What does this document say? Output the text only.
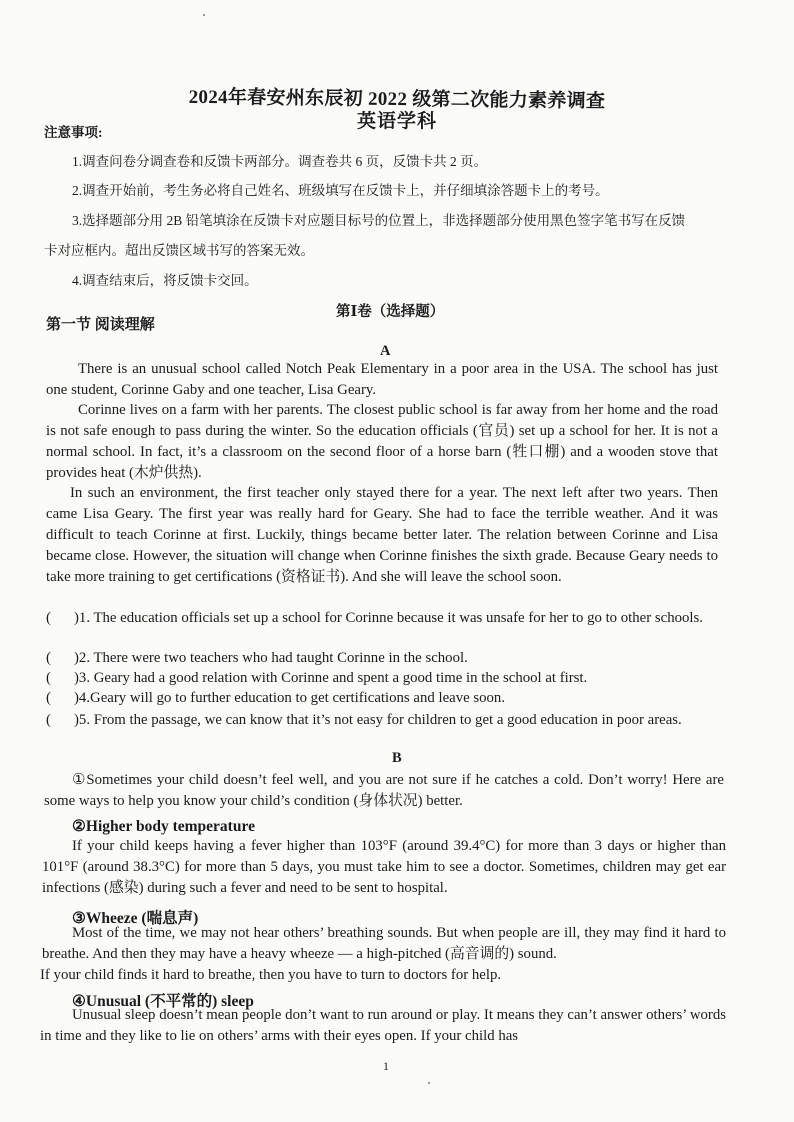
2024年春安州东辰初 2022 级第二次能力素养调查
英语学科
注意事项:
1.调查问卷分调查卷和反馈卡两部分。调查卷共 6 页，反馈卡共 2 页。
2.调查开始前，考生务必将自己姓名、班级填写在反馈卡上，并仔细填涂答题卡上的考号。
3.选择题部分用 2B 铅笔填涂在反馈卡对应题目标号的位置上，非选择题部分使用黑色签字笔书写在反馈
卡对应框内。超出反馈区域书写的答案无效。
4.调查结束后，将反馈卡交回。
第Ⅰ卷（选择题）
第一节 阅读理解
A
There is an unusual school called Notch Peak Elementary in a poor area in the USA. The school has just one student, Corinne Gaby and one teacher, Lisa Geary.
Corinne lives on a farm with her parents. The closest public school is far away from her home and the road is not safe enough to pass during the winter. So the education officials (官员) set up a school for her. It is not a normal school. In fact, it’s a classroom on the second floor of a horse barn (牲口棚) and a wooden stove that provides heat (木炉供热).
In such an environment, the first teacher only stayed there for a year. The next left after two years. Then came Lisa Geary. The first year was really hard for Geary. She had to face the terrible weather. And it was difficult to teach Corinne at first. Luckily, things became better later. The relation between Corinne and Lisa became close. However, the situation will change when Corinne finishes the sixth grade. Because Geary needs to take more training to get certifications (资格证书). And she will leave the school soon.
( )1. The education officials set up a school for Corinne because it was unsafe for her to go to other schools.
( )2. There were two teachers who had taught Corinne in the school.
( )3. Geary had a good relation with Corinne and spent a good time in the school at first.
( )4.Geary will go to further education to get certifications and leave soon.
( )5. From the passage, we can know that it’s not easy for children to get a good education in poor areas.
B
①Sometimes your child doesn’t feel well, and you are not sure if he catches a cold. Don’t worry! Here are some ways to help you know your child’s condition (身体状况) better.
②Higher body temperature
If your child keeps having a fever higher than 103°F (around 39.4°C) for more than 3 days or higher than 101°F (around 38.3°C) for more than 5 days, you must take him to see a doctor. Sometimes, children may get ear infections (感染) during such a fever and need to be sent to hospital.
③Wheeze (喘息声)
Most of the time, we may not hear others’ breathing sounds. But when people are ill, they may find it hard to breathe. And then they may have a heavy wheeze — a high-pitched (高音调的) sound.
If your child finds it hard to breathe, then you have to turn to doctors for help.
④Unusual (不平常的) sleep
Unusual sleep doesn’t mean people don’t want to run around or play. It means they can’t answer others’ words in time and they like to lie on others’ arms with their eyes open. If your child has
1
